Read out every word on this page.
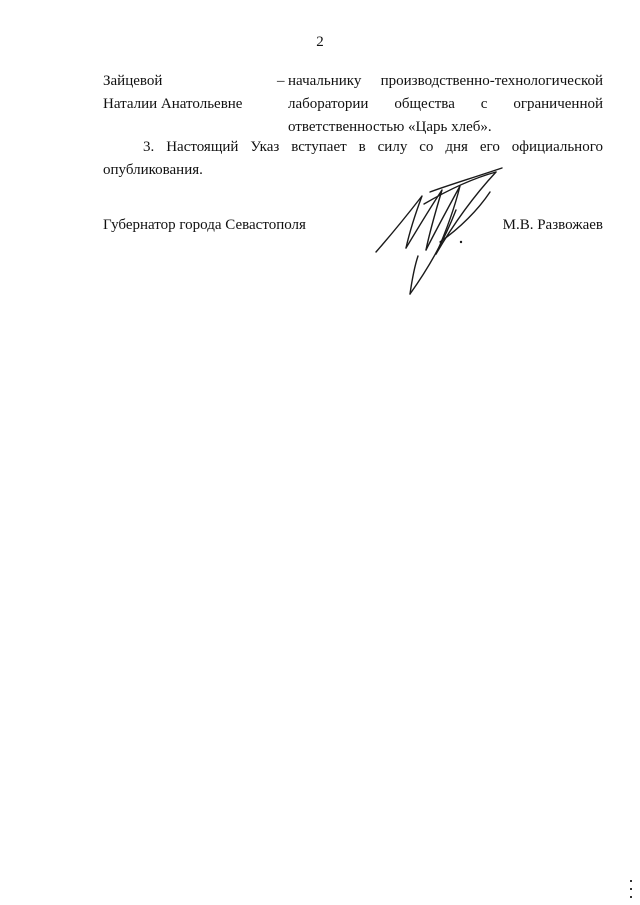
2
Зайцевой
Наталии Анатольевне
– начальнику производственно-технологической
лаборатории общества с ограниченной
ответственностью «Царь хлеб».
3. Настоящий Указ вступает в силу со дня его официального опубликования.
Губернатор города Севастополя	М.В. Развожаев
